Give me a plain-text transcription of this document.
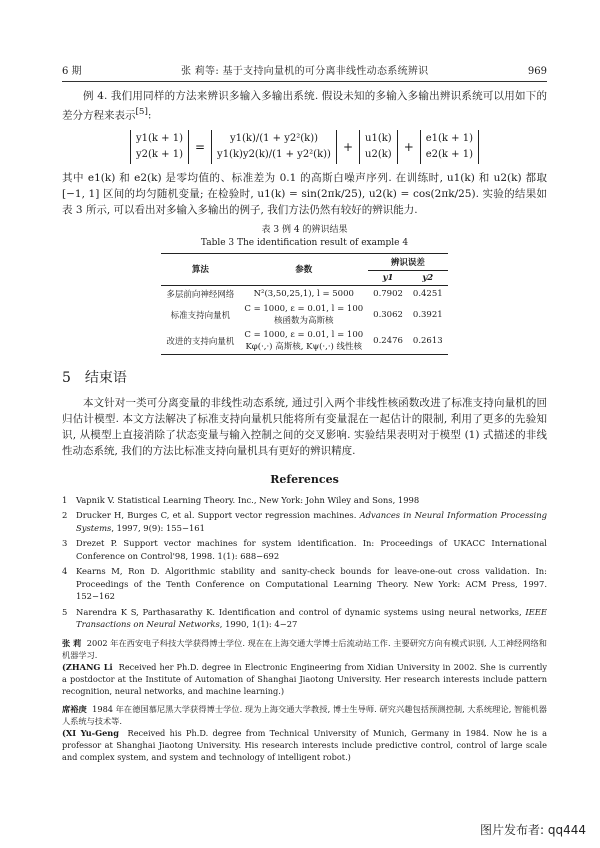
6 期	张 莉等: 基于支持向量机的可分离非线性动态系统辨识	969

例 4. 我们用同样的方法来辨识多输入多输出系统. 假设未知的多输入多输出辨识系统可以用如下的差分方程来表示[5]:

y1(k + 1)
y2(k + 1)
=
y1(k)/(1 + y2²(k))
y1(k)y2(k)/(1 + y2²(k))
+
u1(k)
u2(k)
+
e1(k + 1)
e2(k + 1)

其中 e1(k) 和 e2(k) 是零均值的、标准差为 0.1 的高斯白噪声序列. 在训练时, u1(k) 和 u2(k) 都取 [−1, 1] 区间的均匀随机变量; 在检验时, u1(k) = sin(2πk/25), u2(k) = cos(2πk/25). 实验的结果如表 3 所示, 可以看出对多输入多输出的例子, 我们方法仍然有较好的辨识能力.

表 3 例 4 的辨识结果
Table 3 The identification result of example 4
算法	参数	辨识误差	
		y1	y2
多层前向神经网络	N²(3,50,25,1), l = 5000	0.7902	0.4251
标准支持向量机	C = 1000, ε = 0.01, l = 100
核函数为高斯核	0.3062	0.3921
改进的支持向量机	C = 1000, ε = 0.01, l = 100
Kφ(·,·) 高斯核, Kψ(·,·) 线性核	0.2476	0.2613
5 结束语

本文针对一类可分离变量的非线性动态系统, 通过引入两个非线性核函数改进了标准支持向量机的回归估计模型. 本文方法解决了标准支持向量机只能将所有变量混在一起估计的限制, 利用了更多的先验知识, 从模型上直接消除了状态变量与输入控制之间的交叉影响. 实验结果表明对于模型 (1) 式描述的非线性动态系统, 我们的方法比标准支持向量机具有更好的辨识精度.

References
1	Vapnik V. Statistical Learning Theory. Inc., New York: John Wiley and Sons, 1998
2	Drucker H, Burges C, et al. Support vector regression machines. Advances in Neural Information Processing Systems, 1997, 9(9): 155−161
3	Drezet P. Support vector machines for system identification. In: Proceedings of UKACC International Conference on Control'98, 1998. 1(1): 688−692
4	Kearns M, Ron D. Algorithmic stability and sanity-check bounds for leave-one-out cross validation. In: Proceedings of the Tenth Conference on Computational Learning Theory. New York: ACM Press, 1997. 152−162
5	Narendra K S, Parthasarathy K. Identification and control of dynamic systems using neural networks, IEEE Transactions on Neural Networks, 1990, 1(1): 4−27
张 莉 2002 年在西安电子科技大学获得博士学位. 现在在上海交通大学博士后流动站工作. 主要研究方向有模式识别, 人工神经网络和机器学习.
(ZHANG Li Received her Ph.D. degree in Electronic Engineering from Xidian University in 2002. She is currently a postdoctor at the Institute of Automation of Shanghai Jiaotong University. Her research interests include pattern recognition, neural networks, and machine learning.)
席裕庚 1984 年在德国慕尼黑大学获得博士学位. 现为上海交通大学教授, 博士生导师. 研究兴趣包括预测控制, 大系统理论, 智能机器人系统与技术等.
(XI Yu-Geng Received his Ph.D. degree from Technical University of Munich, Germany in 1984. Now he is a professor at Shanghai Jiaotong University. His research interests include predictive control, control of large scale and complex system, and system and technology of intelligent robot.)
图片发布者: qq444
